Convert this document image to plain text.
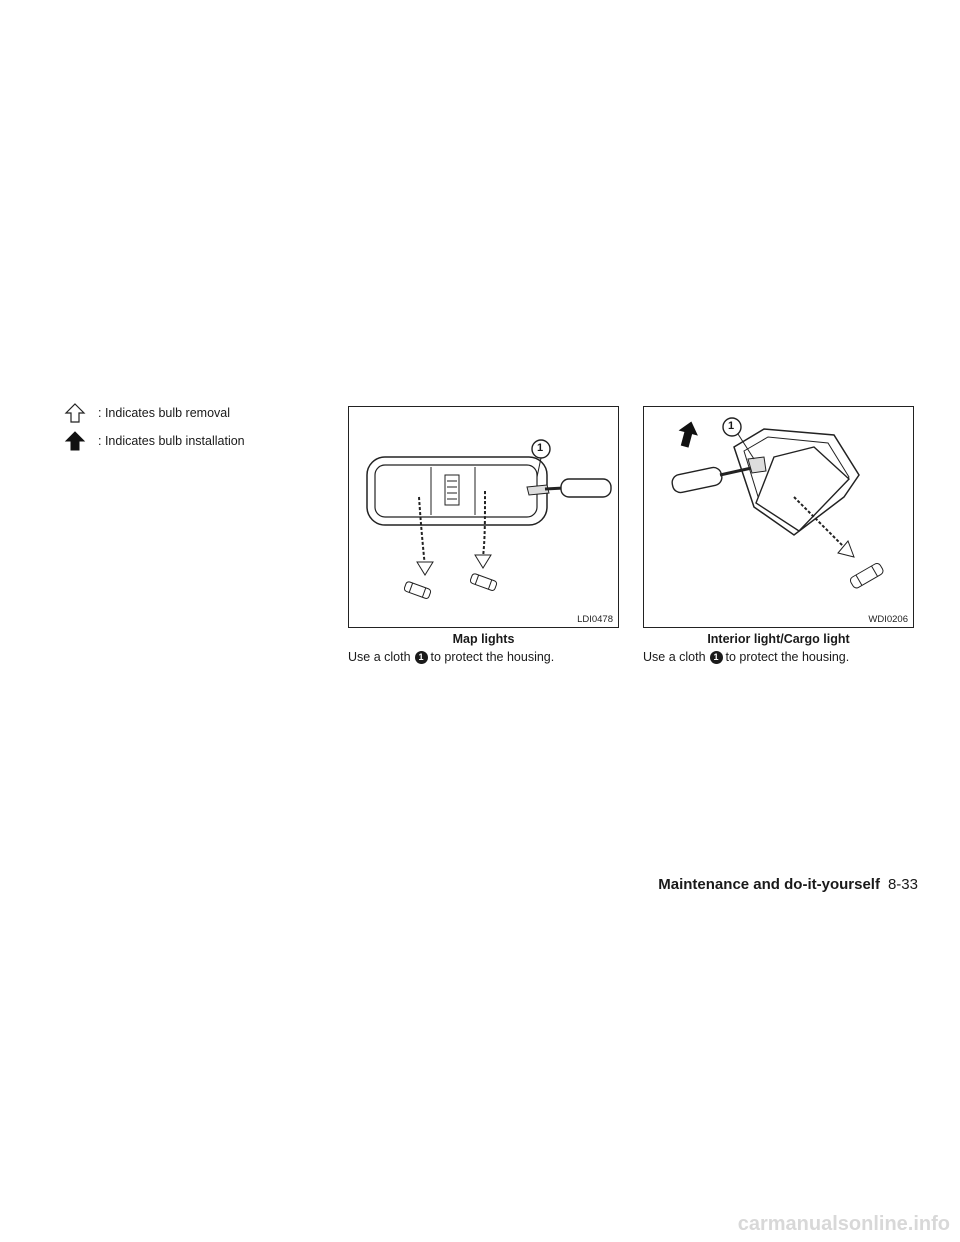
: Indicates bulb removal
: Indicates bulb installation
LDI0478
1
Map lights
Use a cloth 1 to protect the housing.
1
WDI0206
Interior light/Cargo light
Use a cloth 1 to protect the housing.
Maintenance and do-it-yourself 8-33
carmanualsonline.info
